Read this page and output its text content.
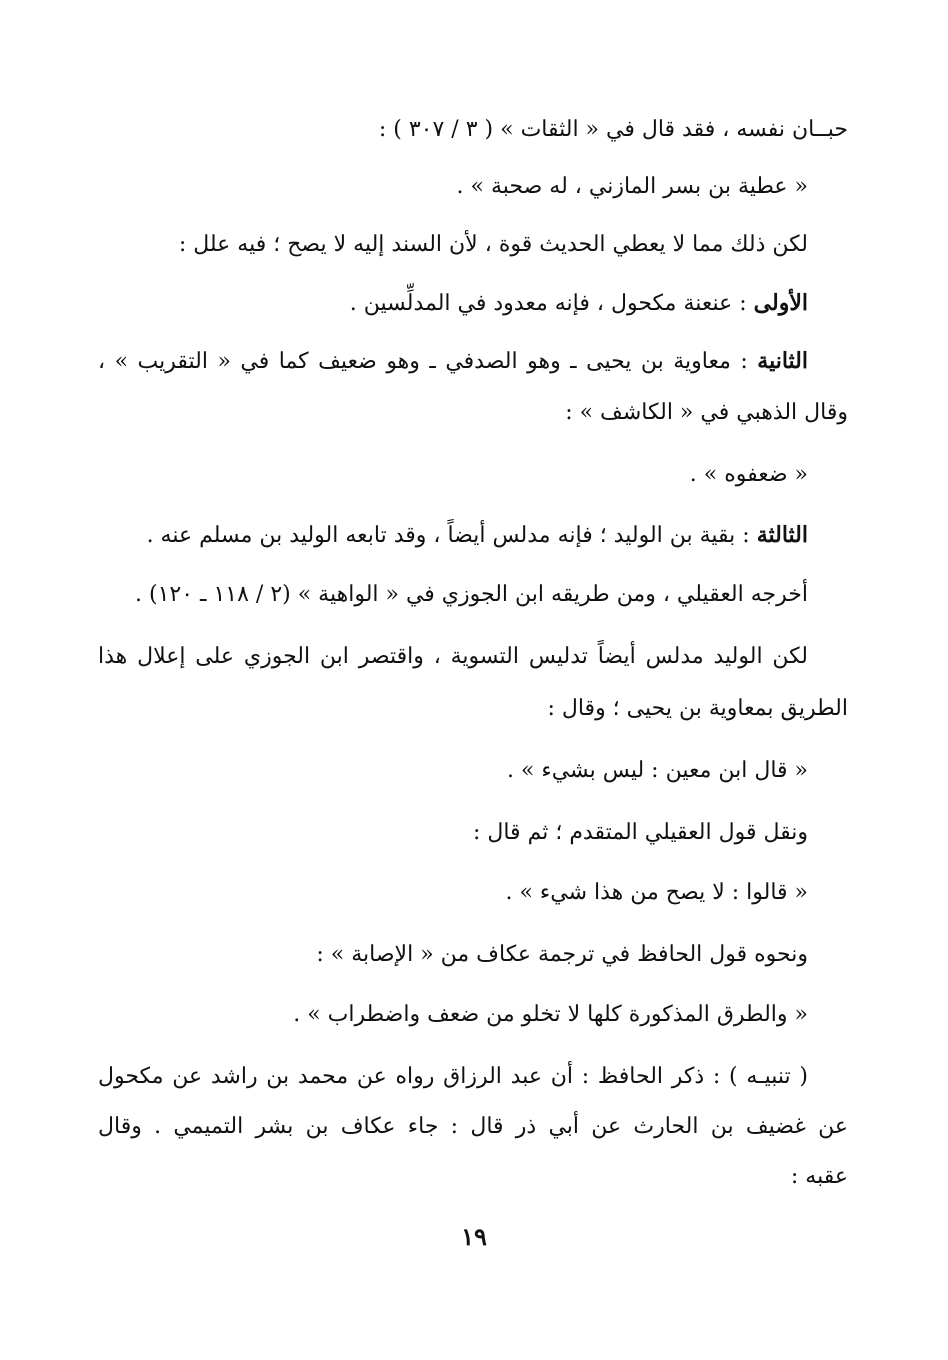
حبــان نفسه ، فقد قال في « الثقات » ( ٣ / ٣٠٧ ) :
« عطية بن بسر المازني ، له صحبة » .
لكن ذلك مما لا يعطي الحديث قوة ، لأن السند إليه لا يصح ؛ فيه علل :
الأولى : عنعنة مكحول ، فإنه معدود في المدلِّسين .
الثانية : معاوية بن يحيى ـ وهو الصدفي ـ وهو ضعيف كما في « التقريب » ،
وقال الذهبي في « الكاشف » :
« ضعفوه » .
الثالثة : بقية بن الوليد ؛ فإنه مدلس أيضاً ، وقد تابعه الوليد بن مسلم عنه .
أخرجه العقيلي ، ومن طريقه ابن الجوزي في « الواهية » (٢ / ١١٨ ـ ١٢٠) .
لكن الوليد مدلس أيضاً تدليس التسوية ، واقتصر ابن الجوزي على إعلال هذا
الطريق بمعاوية بن يحيى ؛ وقال :
« قال ابن معين : ليس بشيء » .
ونقل قول العقيلي المتقدم ؛ ثم قال :
« قالوا : لا يصح من هذا شيء » .
ونحوه قول الحافظ في ترجمة عكاف من « الإصابة » :
« والطرق المذكورة كلها لا تخلو من ضعف واضطراب » .
( تنبيـه ) : ذكر الحافظ : أن عبد الرزاق رواه عن محمد بن راشد عن مكحول
عن غضيف بن الحارث عن أبي ذر قال : جاء عكاف بن بشر التميمي . وقال
عقبه :
١٩
